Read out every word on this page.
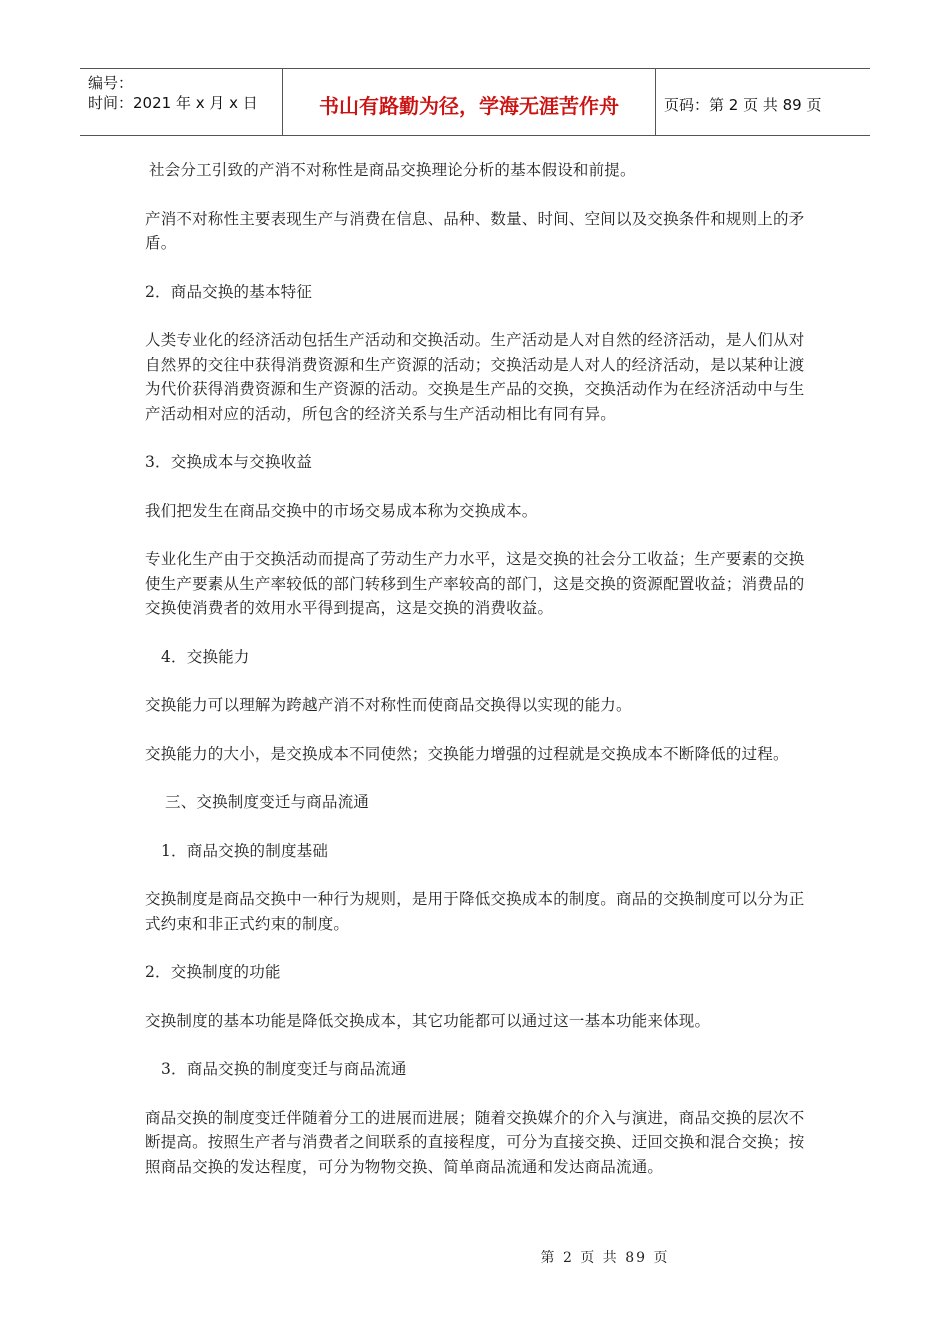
编号：
时间：2021 年 x 月 x 日	书山有路勤为径，学海无涯苦作舟	页码：第 2 页 共 89 页

社会分工引致的产消不对称性是商品交换理论分析的基本假设和前提。

产消不对称性主要表现生产与消费在信息、品种、数量、时间、空间以及交换条件和规则上的矛盾。

2．商品交换的基本特征

人类专业化的经济活动包括生产活动和交换活动。生产活动是人对自然的经济活动，是人们从对自然界的交往中获得消费资源和生产资源的活动；交换活动是人对人的经济活动，是以某种让渡为代价获得消费资源和生产资源的活动。交换是生产品的交换，交换活动作为在经济活动中与生产活动相对应的活动，所包含的经济关系与生产活动相比有同有异。

3．交换成本与交换收益

我们把发生在商品交换中的市场交易成本称为交换成本。

专业化生产由于交换活动而提高了劳动生产力水平，这是交换的社会分工收益；生产要素的交换使生产要素从生产率较低的部门转移到生产率较高的部门，这是交换的资源配置收益；消费品的交换使消费者的效用水平得到提高，这是交换的消费收益。

4．交换能力

交换能力可以理解为跨越产消不对称性而使商品交换得以实现的能力。

交换能力的大小，是交换成本不同使然；交换能力增强的过程就是交换成本不断降低的过程。

三、交换制度变迁与商品流通

1．商品交换的制度基础

交换制度是商品交换中一种行为规则，是用于降低交换成本的制度。商品的交换制度可以分为正式约束和非正式约束的制度。

2．交换制度的功能

交换制度的基本功能是降低交换成本，其它功能都可以通过这一基本功能来体现。

3．商品交换的制度变迁与商品流通

商品交换的制度变迁伴随着分工的进展而进展；随着交换媒介的介入与演进，商品交换的层次不断提高。按照生产者与消费者之间联系的直接程度，可分为直接交换、迂回交换和混合交换；按照商品交换的发达程度，可分为物物交换、简单商品流通和发达商品流通。

第 2 页 共 89 页
